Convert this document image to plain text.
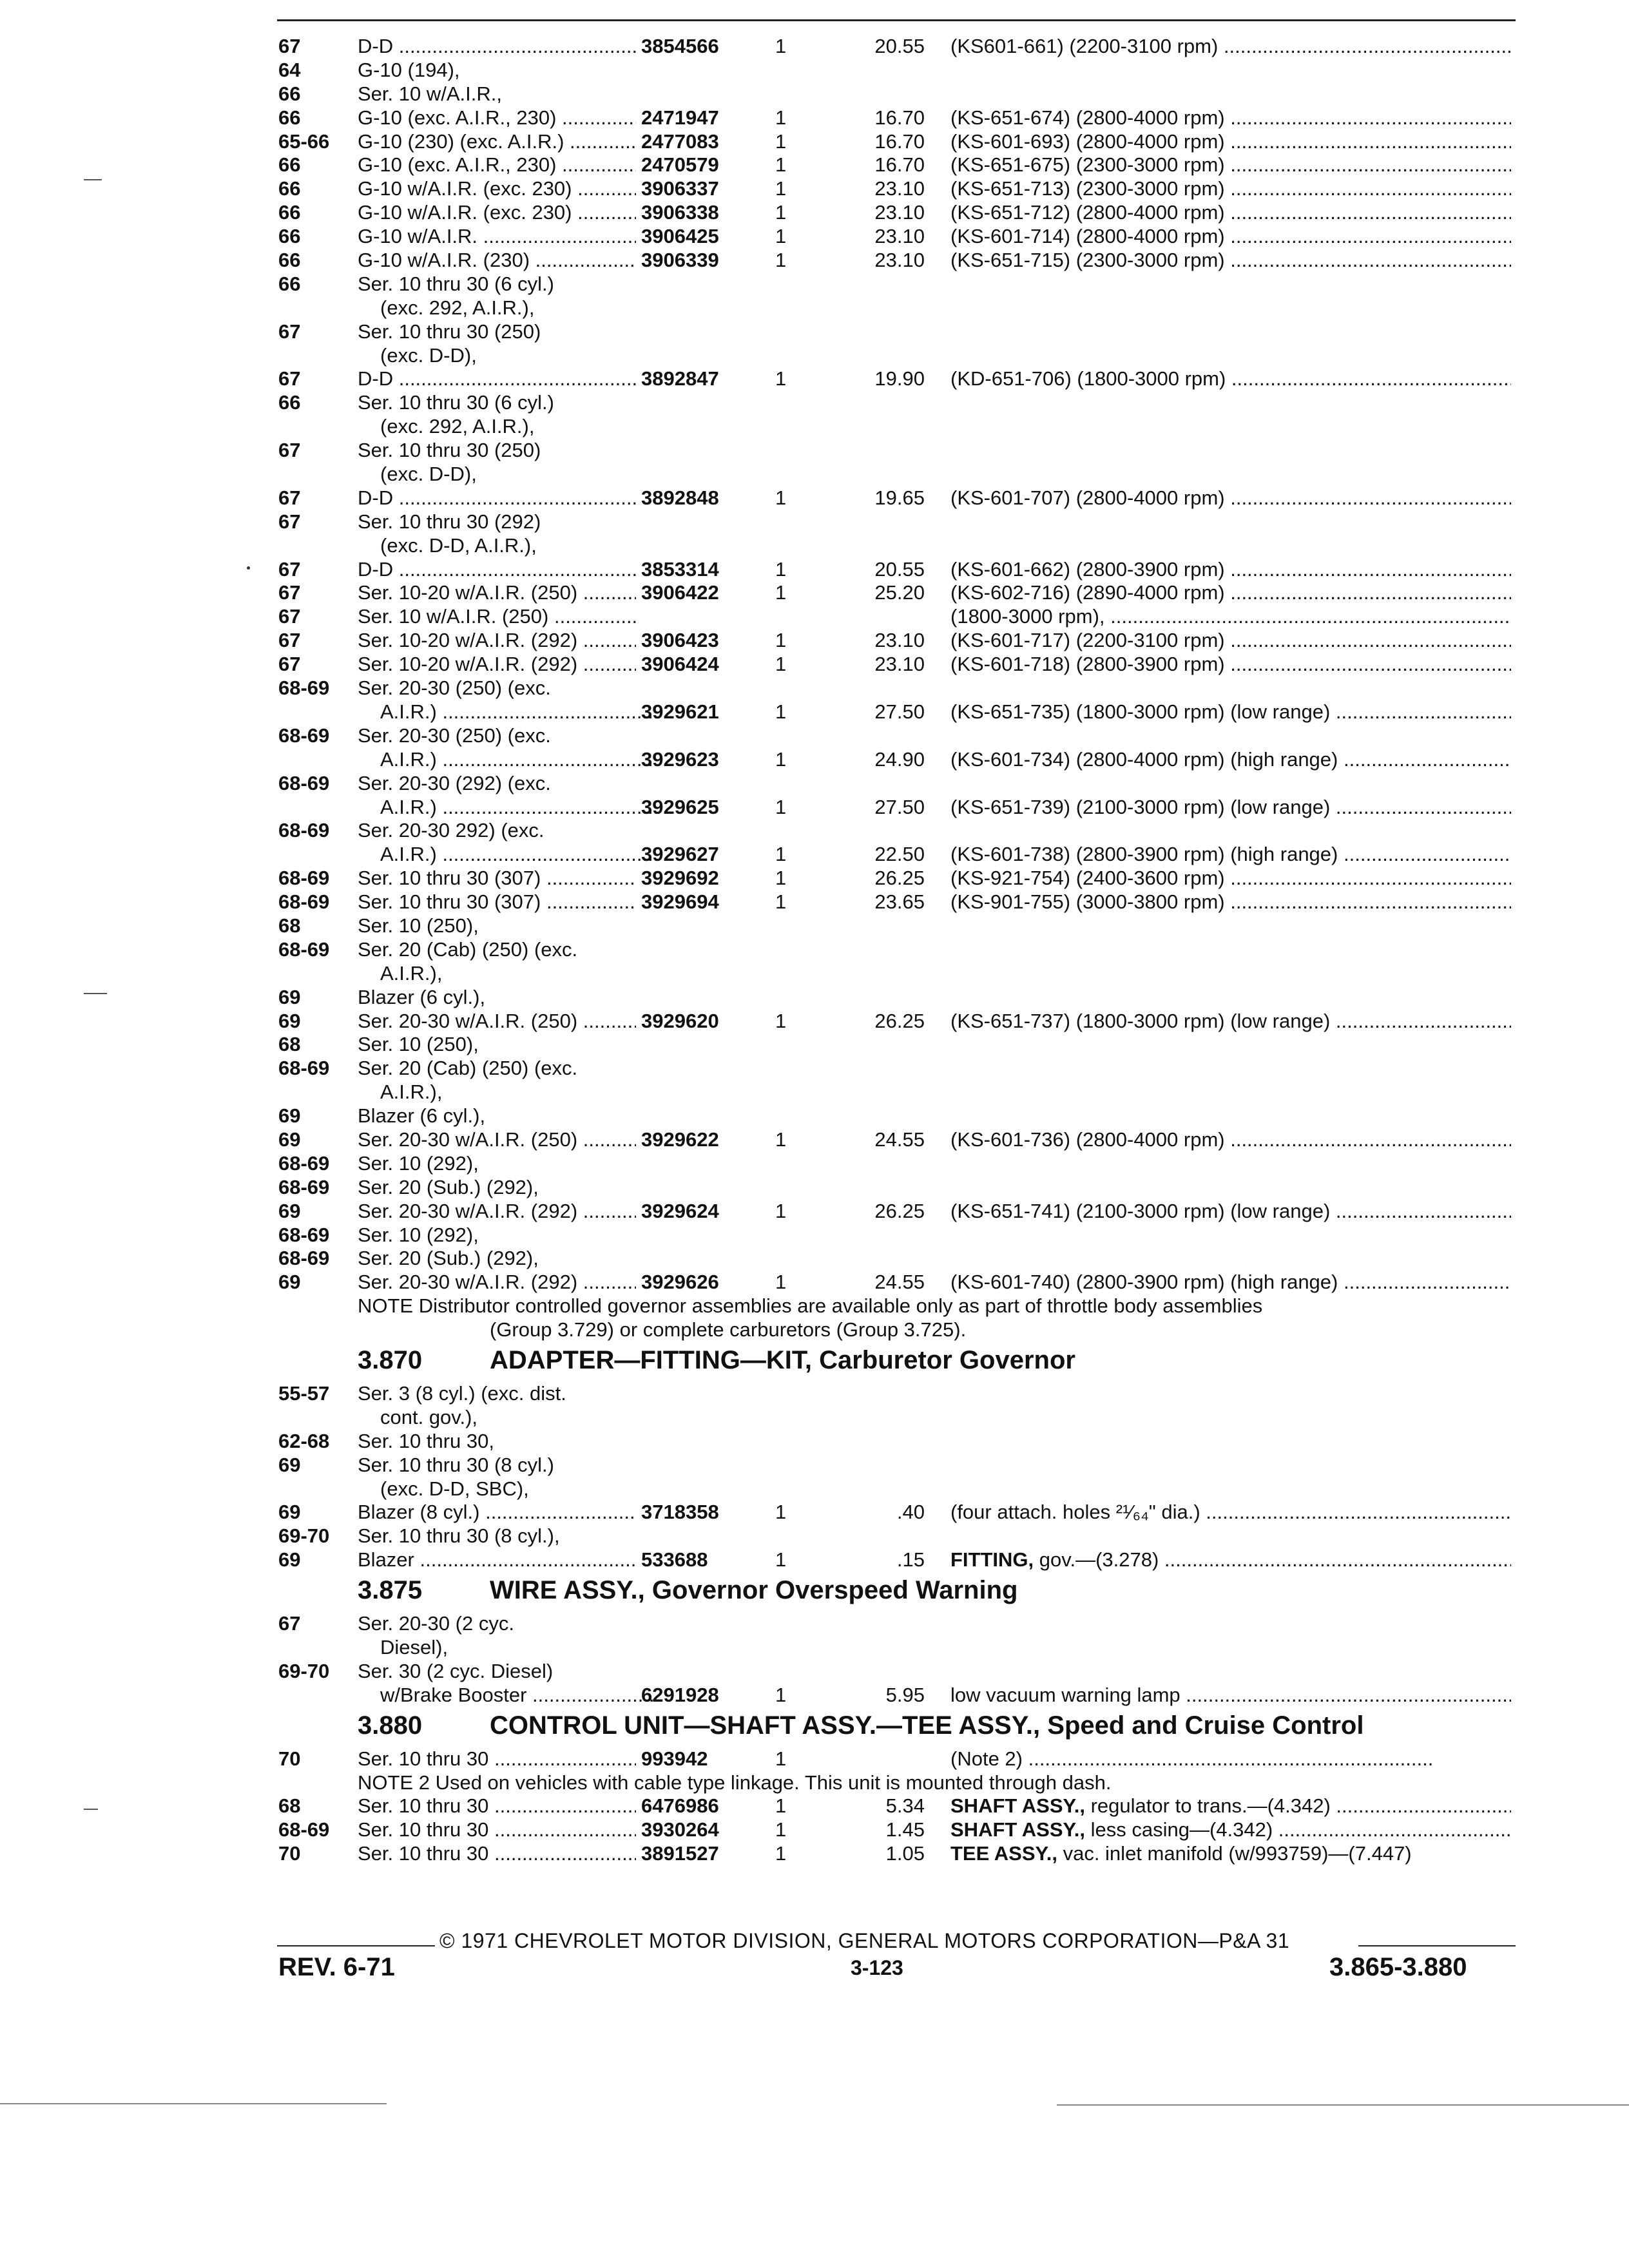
67	D-D .....	3854566	1	20.55 (KS601-661) (2200-3100 rpm) .....
64	G-10 (194),
66	Ser. 10 w/A.I.R.,
66	G-10 (exc. A.I.R., 230) .....	2471947	1	16.70 (KS-651-674) (2800-4000 rpm) .....
65-66 G-10 (230) (exc. A.I.R.) .....	2477083	1	16.70 (KS-601-693) (2800-4000 rpm) .....
66	G-10 (exc. A.I.R., 230) .....	2470579	1	16.70 (KS-651-675) (2300-3000 rpm) .....
66	G-10 w/A.I.R. (exc. 230) .....	3906337	1	23.10 (KS-651-713) (2300-3000 rpm) .....
66	G-10 w/A.I.R. (exc. 230) .....	3906338	1	23.10 (KS-651-712) (2800-4000 rpm) .....
66	G-10 w/A.I.R. .....	3906425	1	23.10 (KS-601-714) (2800-4000 rpm) .....
66	G-10 w/A.I.R. (230) .....	3906339	1	23.10 (KS-651-715) (2300-3000 rpm) .....
66	Ser. 10 thru 30 (6 cyl.)
(exc. 292, A.I.R.),
67	Ser. 10 thru 30 (250)
(exc. D-D),
67	D-D .....	3892847	1	19.90 (KD-651-706) (1800-3000 rpm) .....
66	Ser. 10 thru 30 (6 cyl.)
(exc. 292, A.I.R.),
67	Ser. 10 thru 30 (250)
(exc. D-D),
67	D-D .....	3892848	1	19.65 (KS-601-707) (2800-4000 rpm) .....
67	Ser. 10 thru 30 (292)
(exc. D-D, A.I.R.),
67	D-D .....	3853314	1	20.55 (KS-601-662) (2800-3900 rpm) .....
67	Ser. 10-20 w/A.I.R. (250) .....	3906422	1	25.20 (KS-602-716) (2890-4000 rpm) .....
67	Ser. 10 w/A.I.R. (250) .....	(1800-3000 rpm), .....
67	Ser. 10-20 w/A.I.R. (292) .....	3906423	1	23.10 (KS-601-717) (2200-3100 rpm) .....
67	Ser. 10-20 w/A.I.R. (292) .....	3906424	1	23.10 (KS-601-718) (2800-3900 rpm) .....
68-69 Ser. 20-30 (250) (exc.
A.I.R.) .....	3929621	1	27.50 (KS-651-735) (1800-3000 rpm) (low range) .....
68-69 Ser. 20-30 (250) (exc.
A.I.R.) .....	3929623	1	24.90 (KS-601-734) (2800-4000 rpm) (high range) .....
68-69 Ser. 20-30 (292) (exc.
A.I.R.) .....	3929625	1	27.50 (KS-651-739) (2100-3000 rpm) (low range) .....
68-69 Ser. 20-30 292) (exc.
A.I.R.) .....	3929627	1	22.50 (KS-601-738) (2800-3900 rpm) (high range) .....
68-69 Ser. 10 thru 30 (307) .....	3929692	1	26.25 (KS-921-754) (2400-3600 rpm) .....
68-69 Ser. 10 thru 30 (307) .....	3929694	1	23.65 (KS-901-755) (3000-3800 rpm) .....
68	Ser. 10 (250),
68-69 Ser. 20 (Cab) (250) (exc.
A.I.R.),
69	Blazer (6 cyl.),
69	Ser. 20-30 w/A.I.R. (250) .....	3929620	1	26.25 (KS-651-737) (1800-3000 rpm) (low range) .....
68	Ser. 10 (250),
68-69 Ser. 20 (Cab) (250) (exc.
A.I.R.),
69	Blazer (6 cyl.),
69	Ser. 20-30 w/A.I.R. (250) .....	3929622	1	24.55 (KS-601-736) (2800-4000 rpm) .....
68-69 Ser. 10 (292),
68-69 Ser. 20 (Sub.) (292),
69	Ser. 20-30 w/A.I.R. (292) .....	3929624	1	26.25 (KS-651-741) (2100-3000 rpm) (low range) .....
68-69 Ser. 10 (292),
68-69 Ser. 20 (Sub.) (292),
69	Ser. 20-30 w/A.I.R. (292) .....	3929626	1	24.55 (KS-601-740) (2800-3900 rpm) (high range) .....
NOTE Distributor controlled governor assemblies are available only as part of throttle body assemblies
(Group 3.729) or complete carburetors (Group 3.725).
3.870	ADAPTER—FITTING—KIT, Carburetor Governor
55-57 Ser. 3 (8 cyl.) (exc. dist.
cont. gov.),
62-68 Ser. 10 thru 30,
69	Ser. 10 thru 30 (8 cyl.)
(exc. D-D, SBC),
69	Blazer (8 cyl.) .....	3718358	1	.40 (four attach. holes ²¹⁄₆₄" dia.) .....
69-70 Ser. 10 thru 30 (8 cyl.),
69	Blazer .....	533688	1	.15 FITTING, gov.—(3.278) .....
3.875	WIRE ASSY., Governor Overspeed Warning
67	Ser. 20-30 (2 cyc.
Diesel),
69-70 Ser. 30 (2 cyc. Diesel)
w/Brake Booster .....	6291928	1	5.95 low vacuum warning lamp .....
3.880	CONTROL UNIT—SHAFT ASSY.—TEE ASSY., Speed and Cruise Control
70	Ser. 10 thru 30 .....	993942	1	(Note 2) .....
NOTE 2 Used on vehicles with cable type linkage. This unit is mounted through dash.
68	Ser. 10 thru 30 .....	6476986	1	5.34 SHAFT ASSY., regulator to trans.—(4.342) .....
68-69 Ser. 10 thru 30 .....	3930264	1	1.45 SHAFT ASSY., less casing—(4.342) .....
70	Ser. 10 thru 30 .....	3891527	1	1.05 TEE ASSY., vac. inlet manifold (w/993759)—(7.447)
© 1971 CHEVROLET MOTOR DIVISION, GENERAL MOTORS CORPORATION—P&A 31
REV. 6-71	3-123	3.865-3.880
